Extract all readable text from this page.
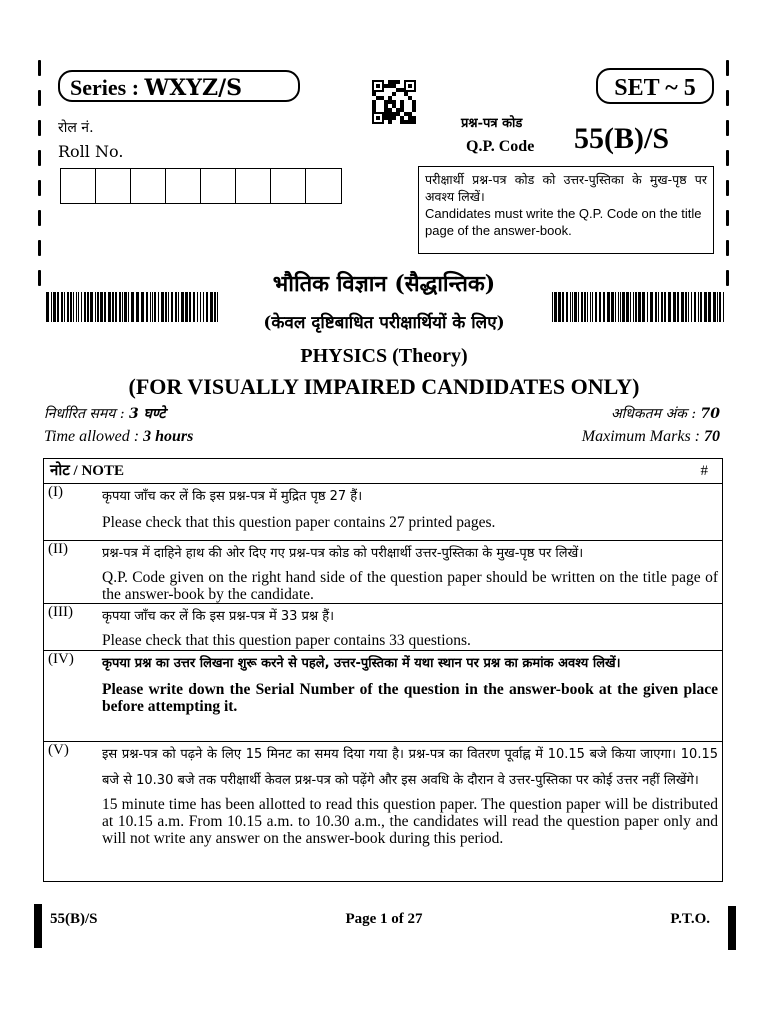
Series : WXYZ/S	SET ~ 5
रोल नं.
Roll No.
प्रश्न-पत्र कोड
Q.P. Code 55(B)/S
परीक्षार्थी प्रश्न-पत्र कोड को उत्तर-पुस्तिका के मुख-पृष्ठ पर अवश्य लिखें।
Candidates must write the Q.P. Code on the title page of the answer-book.
भौतिक विज्ञान (सैद्धान्तिक)
(केवल दृष्टिबाधित परीक्षार्थियों के लिए)
PHYSICS (Theory)
(FOR VISUALLY IMPAIRED CANDIDATES ONLY)
निर्धारित समय : 3 घण्टे	अधिकतम अंक : 70
Time allowed : 3 hours	Maximum Marks : 70
नोट / NOTE	#
(I)	कृपया जाँच कर लें कि इस प्रश्न-पत्र में मुद्रित पृष्ठ 27 हैं।
Please check that this question paper contains 27 printed pages.
(II)	प्रश्न-पत्र में दाहिने हाथ की ओर दिए गए प्रश्न-पत्र कोड को परीक्षार्थी उत्तर-पुस्तिका के मुख-पृष्ठ पर लिखें।
Q.P. Code given on the right hand side of the question paper should be written on the title page of the answer-book by the candidate.
(III) कृपया जाँच कर लें कि इस प्रश्न-पत्र में 33 प्रश्न हैं।
Please check that this question paper contains 33 questions.
(IV) कृपया प्रश्न का उत्तर लिखना शुरू करने से पहले, उत्तर-पुस्तिका में यथा स्थान पर प्रश्न का क्रमांक अवश्य लिखें।
Please write down the Serial Number of the question in the answer-book at the given place before attempting it.
(V)	इस प्रश्न-पत्र को पढ़ने के लिए 15 मिनट का समय दिया गया है। प्रश्न-पत्र का वितरण पूर्वाह्न में 10.15 बजे किया जाएगा। 10.15 बजे से 10.30 बजे तक परीक्षार्थी केवल प्रश्न-पत्र को पढ़ेंगे और इस अवधि के दौरान वे उत्तर-पुस्तिका पर कोई उत्तर नहीं लिखेंगे।
15 minute time has been allotted to read this question paper. The question paper will be distributed at 10.15 a.m. From 10.15 a.m. to 10.30 a.m., the candidates will read the question paper only and will not write any answer on the answer-book during this period.
55(B)/S	Page 1 of 27	P.T.O.
